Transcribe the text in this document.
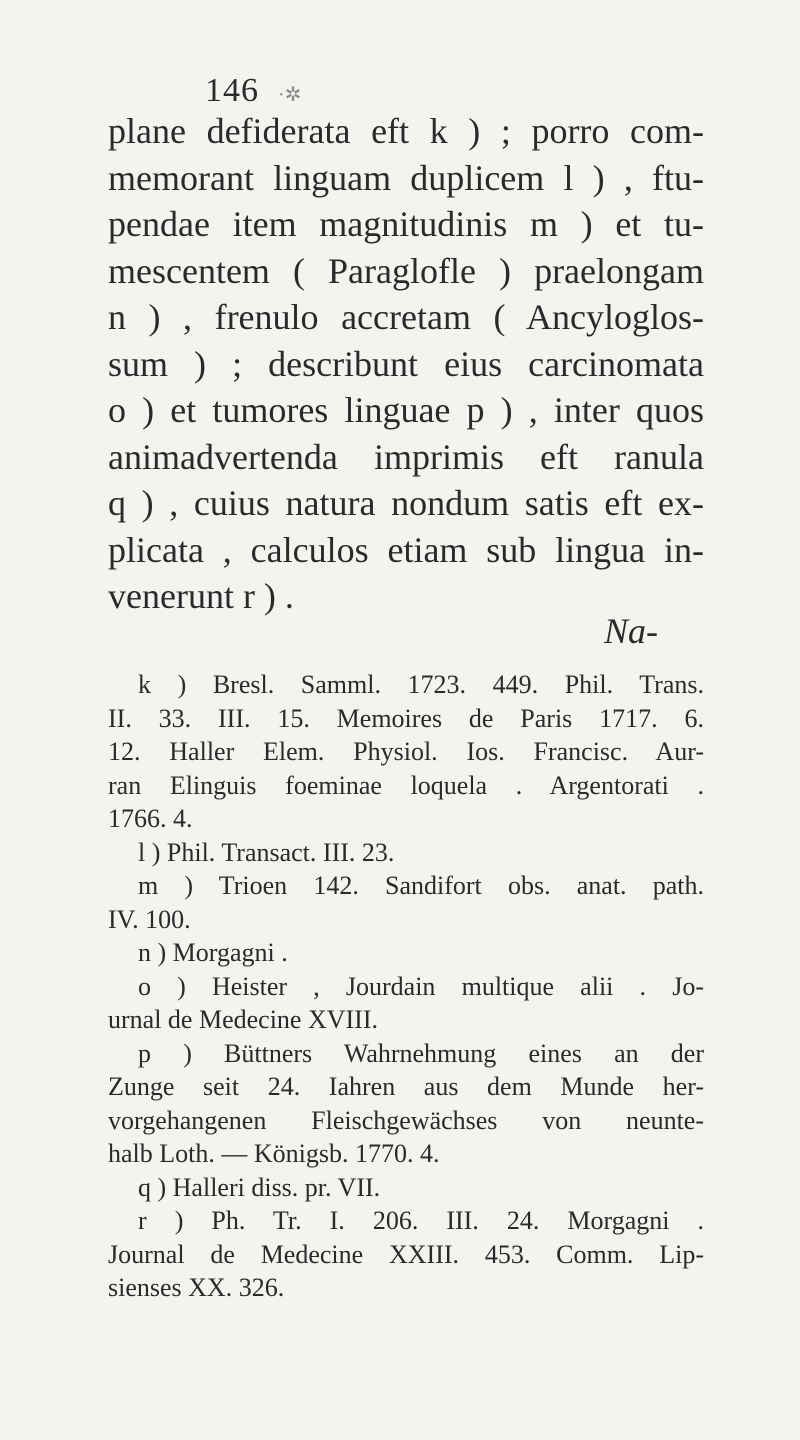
146 ·✲
plane defiderata eft k ) ; porro com-
memorant linguam duplicem l ) , ftu-
pendae item magnitudinis m ) et tu-
mescentem ( Paraglofle ) praelongam
n ) , frenulo accretam ( Ancyloglos-
sum ) ; describunt eius carcinomata
o ) et tumores linguae p ) , inter quos
animadvertenda imprimis eft ranula
q ) , cuius natura nondum satis eft ex-
plicata , calculos etiam sub lingua in-
venerunt r ) .
Na-
k ) Bresl. Samml. 1723. 449. Phil. Trans.
II. 33. III. 15. Memoires de Paris 1717. 6.
12. Haller Elem. Physiol. Ios. Francisc. Aur-
ran Elinguis foeminae loquela . Argentorati .
1766. 4.
l ) Phil. Transact. III. 23.
m ) Trioen 142. Sandifort obs. anat. path.
IV. 100.
n ) Morgagni .
o ) Heister , Jourdain multique alii . Jo-
urnal de Medecine XVIII.
p ) Büttners Wahrnehmung eines an der
Zunge seit 24. Iahren aus dem Munde her-
vorgehangenen Fleischgewächses von neunte-
halb Loth. — Königsb. 1770. 4.
q ) Halleri diss. pr. VII.
r ) Ph. Tr. I. 206. III. 24. Morgagni .
Journal de Medecine XXIII. 453. Comm. Lip-
sienses XX. 326.
